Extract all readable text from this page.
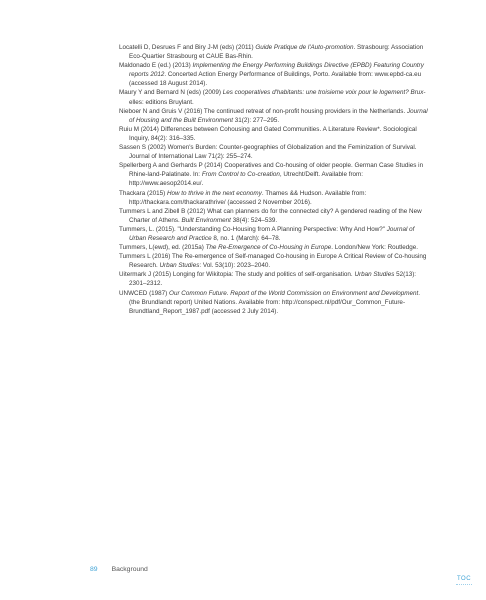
Locatelli D, Desrues F and Biry J-M (eds) (2011) Guide Pratique de l'Auto-promotion. Strasbourg: Association Eco-Quartier Strasbourg et CAUE Bas-Rhin.

Maldonado E (ed.) (2013) Implementing the Energy Performing Buildings Directive (EPBD) Featuring Country reports 2012. Concerted Action Energy Performance of Buildings, Porto. Available from: www.epbd-ca.eu (accessed 18 August 2014).

Maury Y and Bernard N (eds) (2009) Les cooperatives d'habitants: une troisieme voix pour le logement? Brux-elles: editions Bruylant.

Nieboer N and Gruis V (2016) The continued retreat of non-profit housing providers in the Netherlands. Journal of Housing and the Built Environment 31(2): 277–295.

Ruiu M (2014) Differences between Cohousing and Gated Communities. A Literature Review*. Sociological Inquiry, 84(2): 316–335.

Sassen S (2002) Women's Burden: Counter-geographies of Globalization and the Feminization of Survival. Journal of International Law 71(2): 255–274.

Spellerberg A and Gerhards P (2014) Cooperatives and Co-housing of older people. German Case Studies in Rhine-land-Palatinate. In: From Control to Co-creation, Utrecht/Delft. Available from: http://www.aesop2014.eu/.

Thackara (2015) How to thrive in the next economy. Thames && Hudson. Available from: http://thackara.com/thackarathrive/ (accessed 2 November 2016).

Tummers L and Zibell B (2012) What can planners do for the connected city? A gendered reading of the New Charter of Athens. Built Environment 38(4): 524–539.

Tummers, L. (2015). "Understanding Co-Housing from A Planning Perspective: Why And How?" Journal of Urban Research and Practice 8, no. 1 (March): 64–78.

Tummers, L(ewd), ed. (2015a) The Re-Emergence of Co-Housing in Europe. London/New York: Routledge.

Tummers L (2016) The Re-emergence of Self-managed Co-housing in Europe A Critical Review of Co-housing Research. Urban Studies: Vol. 53(10): 2023–2040.

Uitermark J (2015) Longing for Wikitopia: The study and politics of self-organisation. Urban Studies 52(13): 2301–2312.

UNWCED (1987) Our Common Future. Report of the World Commission on Environment and Development. (the Brundlandt report) United Nations. Available from: http://conspect.nl/pdf/Our_Common_Future-Brundtland_Report_1987.pdf (accessed 2 July 2014).

89 Background
TOC
